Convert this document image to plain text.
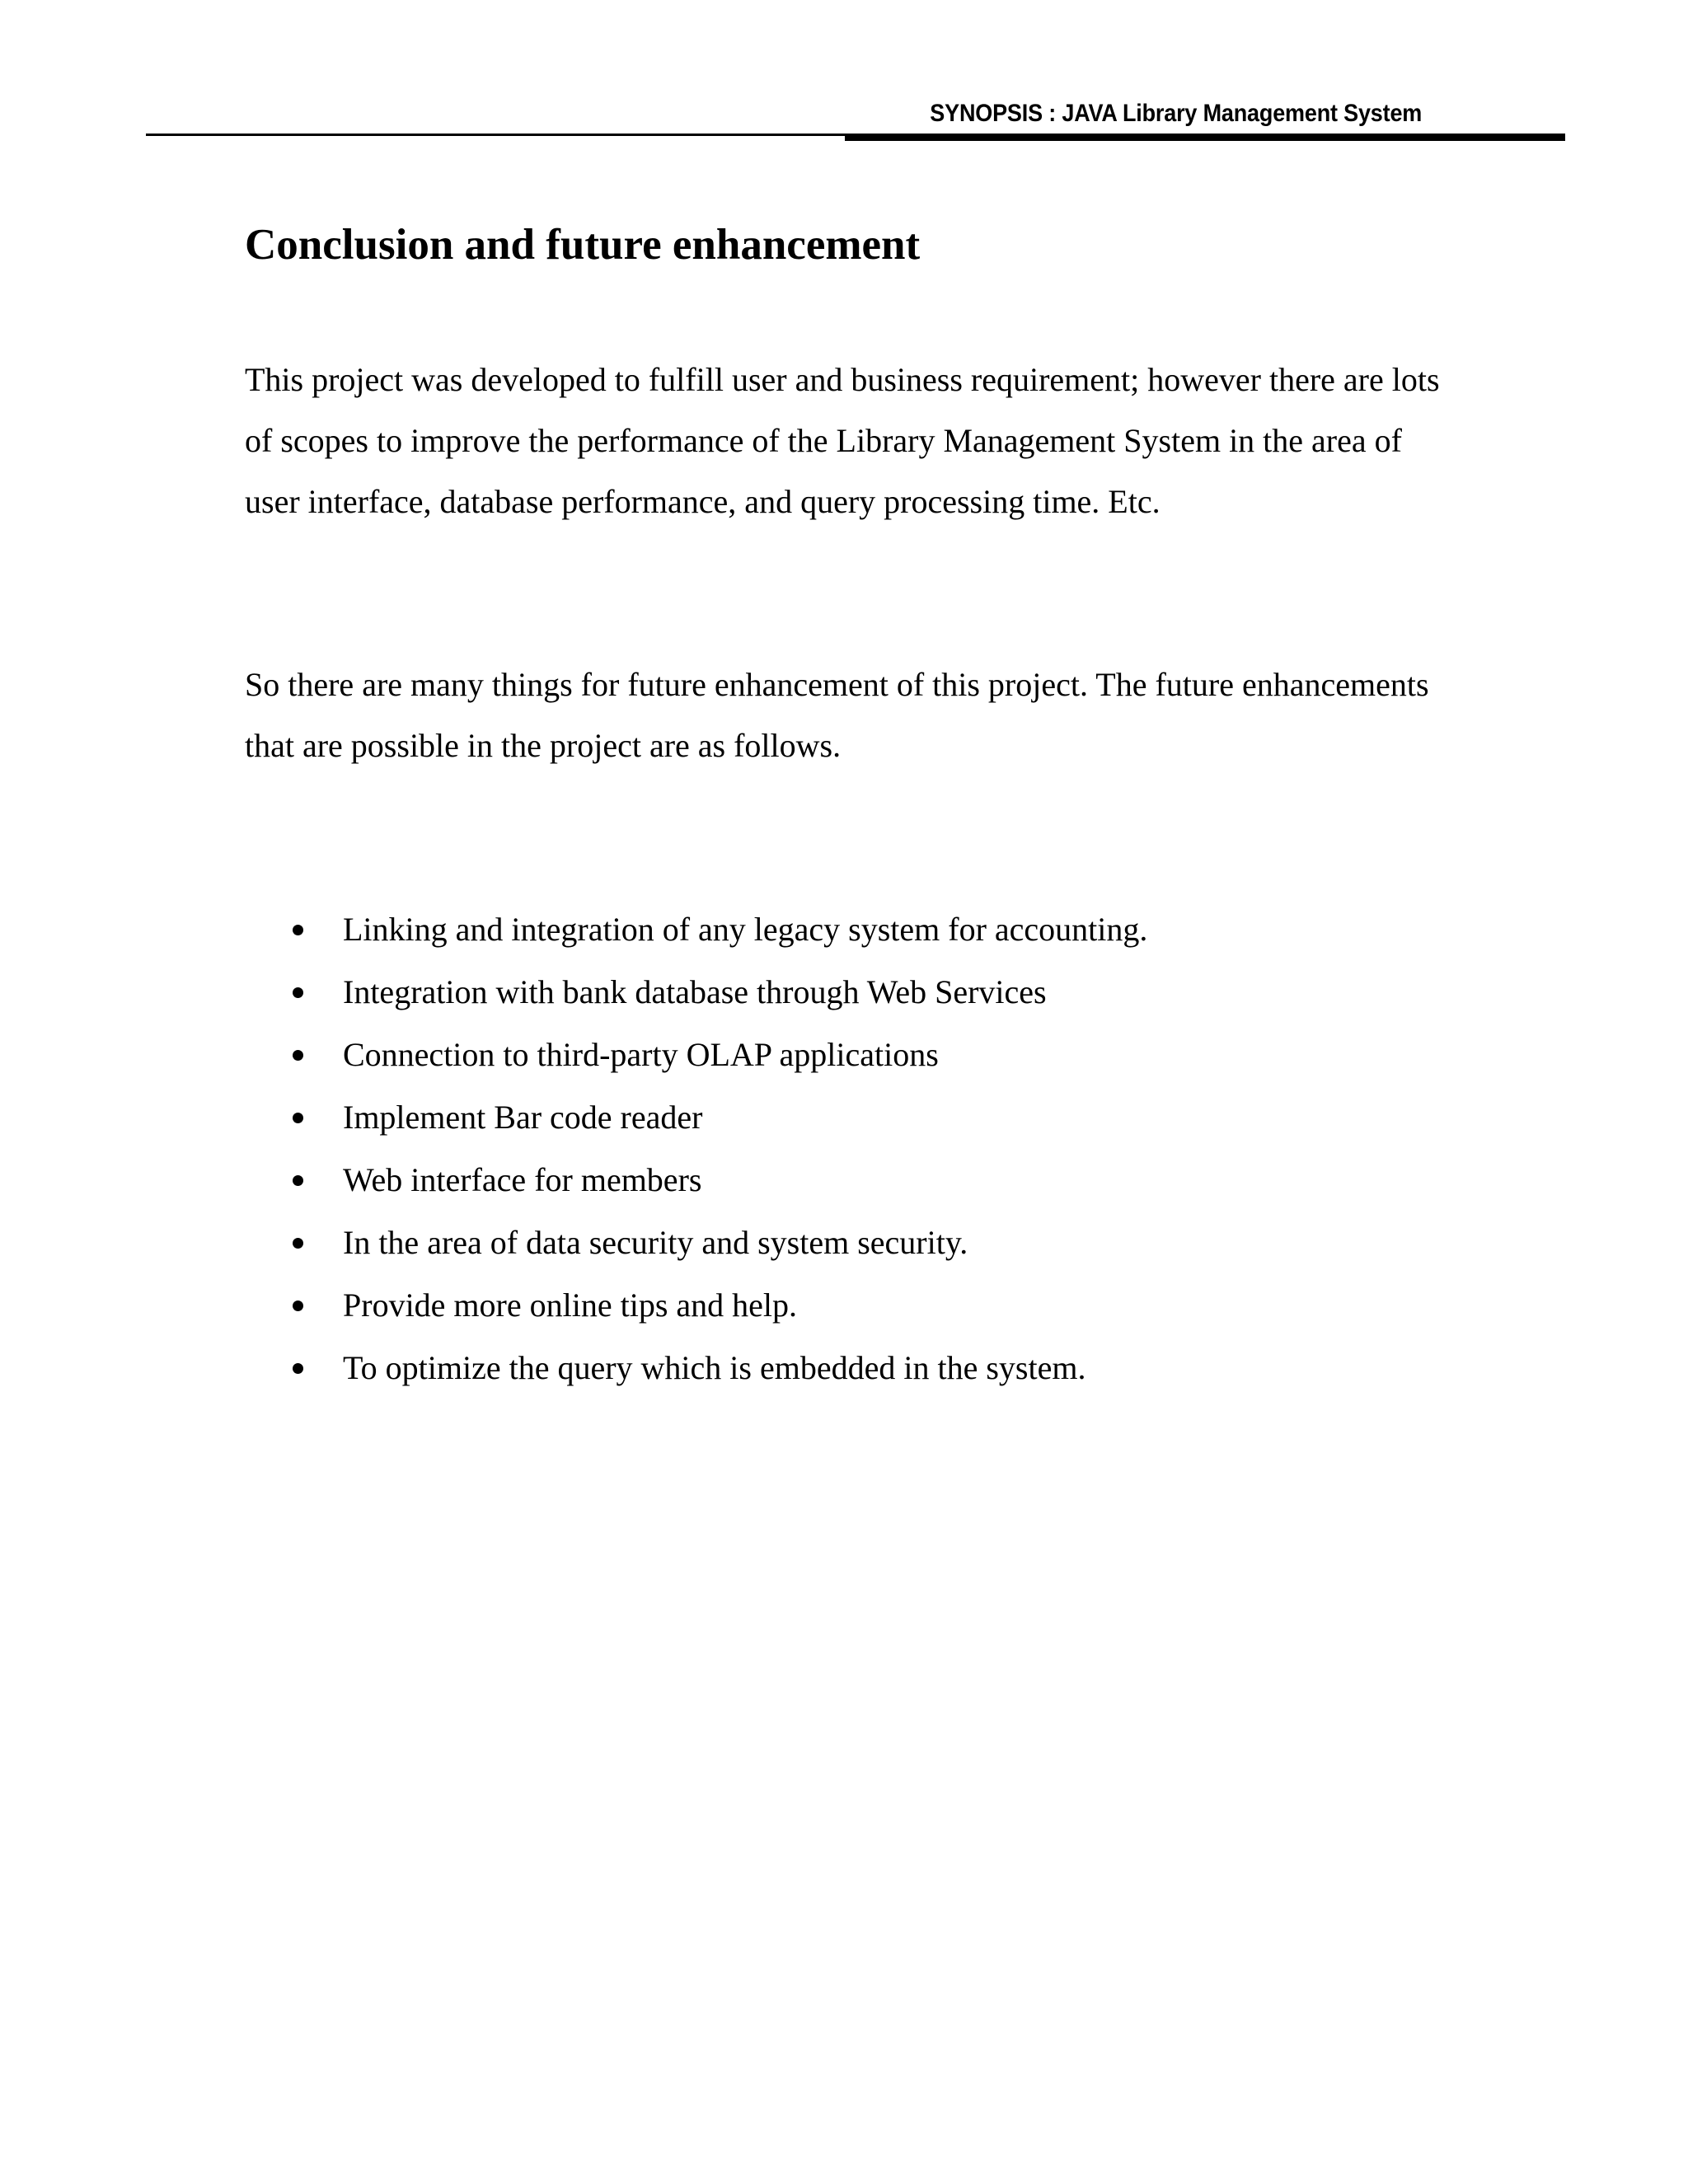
SYNOPSIS : JAVA Library Management System
Conclusion and future enhancement

This project was developed to fulfill user and business requirement; however there are lots of scopes to improve the performance of the Library Management System in the area of user interface, database performance, and query processing time. Etc.

So there are many things for future enhancement of this project. The future enhancements that are possible in the project are as follows.

Linking and integration of any legacy system for accounting.
Integration with bank database through Web Services
Connection to third-party OLAP applications
Implement Bar code reader
Web interface for members
In the area of data security and system security.
Provide more online tips and help.
To optimize the query which is embedded in the system.
